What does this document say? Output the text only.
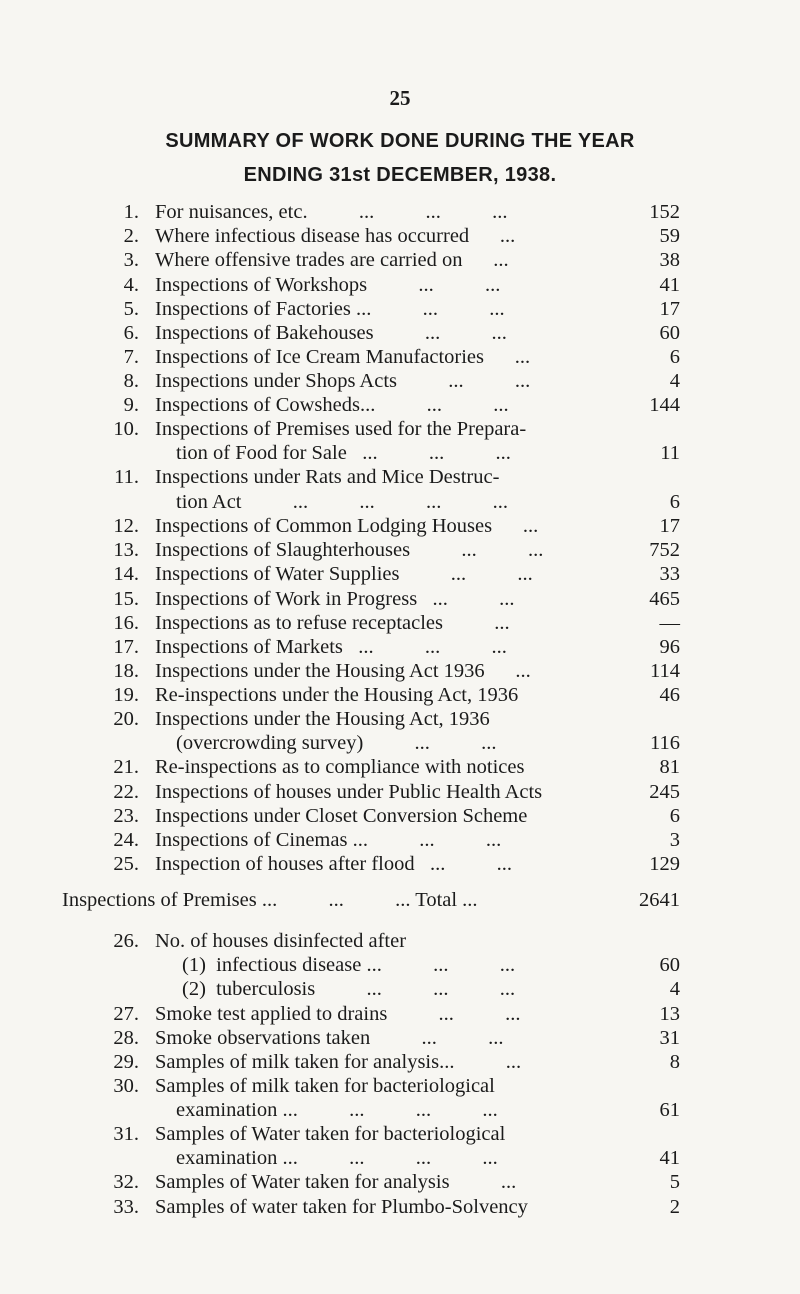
25
SUMMARY OF WORK DONE DURING THE YEAR
ENDING 31st DECEMBER, 1938.
1. For nuisances, etc.          ...          ...          ...	152
2. Where infectious disease has occurred      ...	59
3. Where offensive trades are carried on      ...	38
4. Inspections of Workshops          ...          ...	41
5. Inspections of Factories ...          ...          ...	17
6. Inspections of Bakehouses          ...          ...	60
7. Inspections of Ice Cream Manufactories      ...	6
8. Inspections under Shops Acts          ...          ...	4
9. Inspections of Cowsheds...          ...          ...	144
10. Inspections of Premises used for the Prepara-
tion of Food for Sale   ...          ...          ...	11
11. Inspections under Rats and Mice Destruc-
tion Act          ...          ...          ...          ...	6
12. Inspections of Common Lodging Houses      ...	17
13. Inspections of Slaughterhouses          ...          ...	752
14. Inspections of Water Supplies          ...          ...	33
15. Inspections of Work in Progress   ...          ...	465
16. Inspections as to refuse receptacles          ...	—
17. Inspections of Markets   ...          ...          ...	96
18. Inspections under the Housing Act 1936      ...	114
19. Re-inspections under the Housing Act, 1936	46
20. Inspections under the Housing Act, 1936
(overcrowding survey)          ...          ...	116
21. Re-inspections as to compliance with notices	81
22. Inspections of houses under Public Health Acts	245
23. Inspections under Closet Conversion Scheme	6
24. Inspections of Cinemas ...          ...          ...	3
25. Inspection of houses after flood   ...          ...	129
Inspections of Premises ...          ...          ... Total ...	2641
26. No. of houses disinfected after
(1)  infectious disease ...          ...          ...	60
(2)  tuberculosis          ...          ...          ...	4
27. Smoke test applied to drains          ...          ...	13
28. Smoke observations taken          ...          ...	31
29. Samples of milk taken for analysis...          ...	8
30. Samples of milk taken for bacteriological
examination ...          ...          ...          ...	61
31. Samples of Water taken for bacteriological
examination ...          ...          ...          ...	41
32. Samples of Water taken for analysis          ...	5
33. Samples of water taken for Plumbo-Solvency	2
